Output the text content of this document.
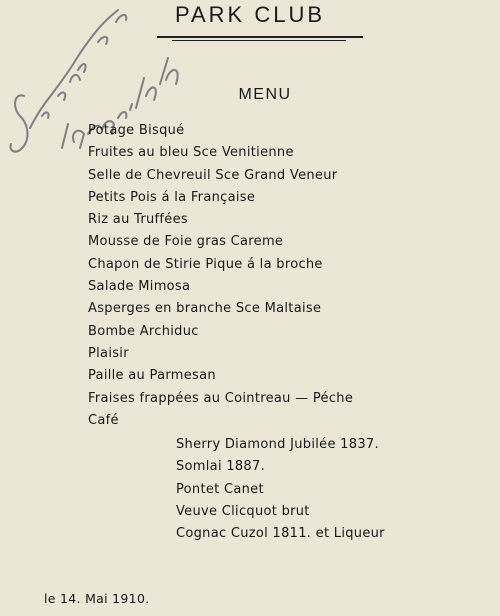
PARK CLUB
MENU
Potage Bisqué
Fruites au bleu Sce Venitienne
Selle de Chevreuil Sce Grand Veneur
Petits Pois á la Française
Riz au Truffées
Mousse de Foie gras Careme
Chapon de Stirie Pique á la broche
Salade Mimosa
Asperges en branche Sce Maltaise
Bombe Archiduc
Plaisir
Paille au Parmesan
Fraises frappées au Cointreau — Péche
Café
Sherry Diamond Jubilée 1837.
Somlai 1887.
Pontet Canet
Veuve Clicquot brut
Cognac Cuzol 1811. et Liqueur
le 14. Mai 1910.
